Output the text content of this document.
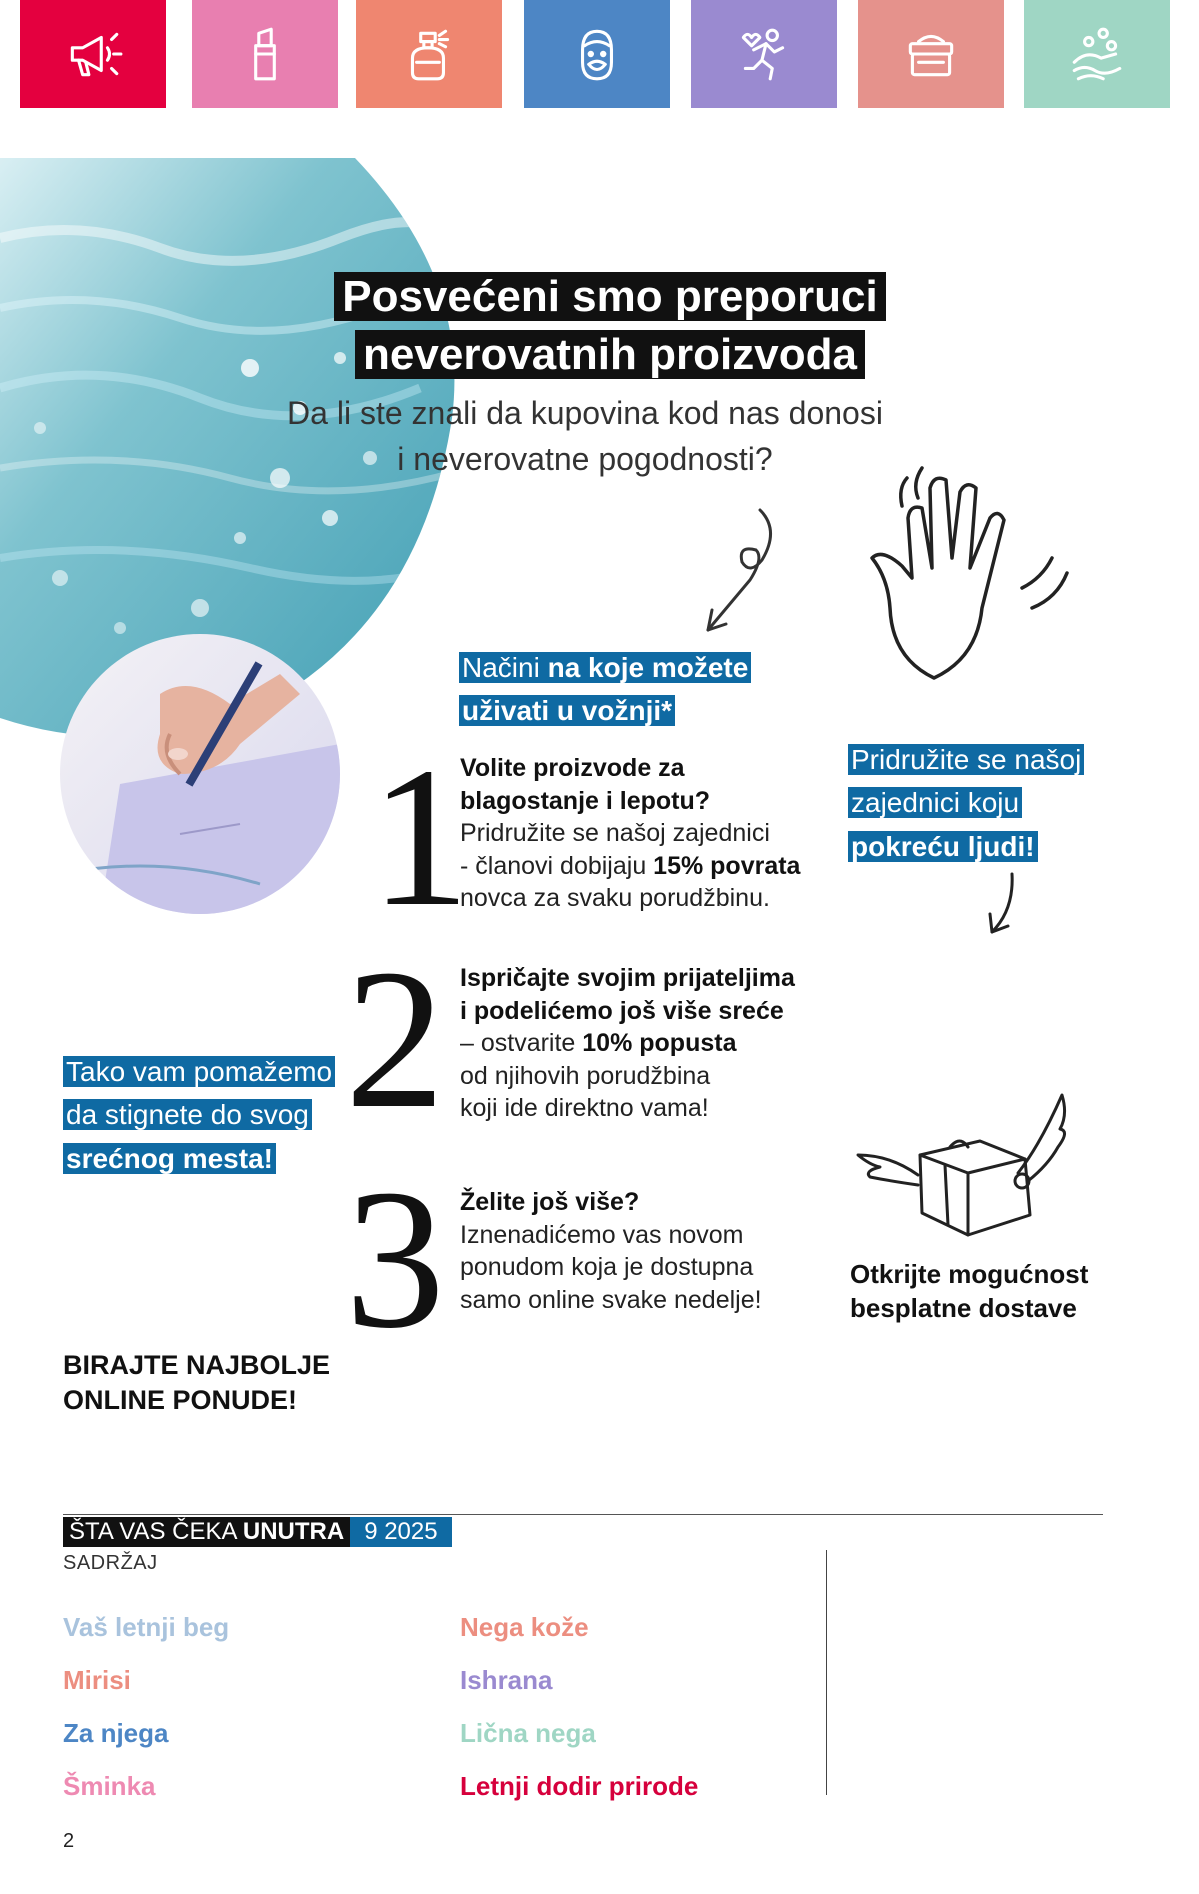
Posvećeni smo preporuci
neverovatnih proizvoda
Da li ste znali da kupovina kod nas donosi
i neverovatne pogodnosti?
Načini na koje možete
uživati u vožnji*
Pridružite se našoj
zajednici koju
pokreću ljudi!
Tako vam pomažemo
da stignete do svog
srećnog mesta!
1
2
3
Volite proizvode za
blagostanje i lepotu?
Pridružite se našoj zajednici
- članovi dobijaju 15% povrata
novca za svaku porudžbinu.
Ispričajte svojim prijateljima
i podelićemo još više sreće
– ostvarite 10% popusta
od njihovih porudžbina
koji ide direktno vama!
Želite još više?
Iznenadićemo vas novom
ponudom koja je dostupna
samo online svake nedelje!
Otkrijte mogućnost
besplatne dostave
BIRAJTE NAJBOLJE
ONLINE PONUDE!
ŠTA VAS ČEKA UNUTRA 9 2025
SADRŽAJ
Vaš letnji beg
Mirisi
Za njega
Šminka
Nega kože
Ishrana
Lična nega
Letnji dodir prirode
2
